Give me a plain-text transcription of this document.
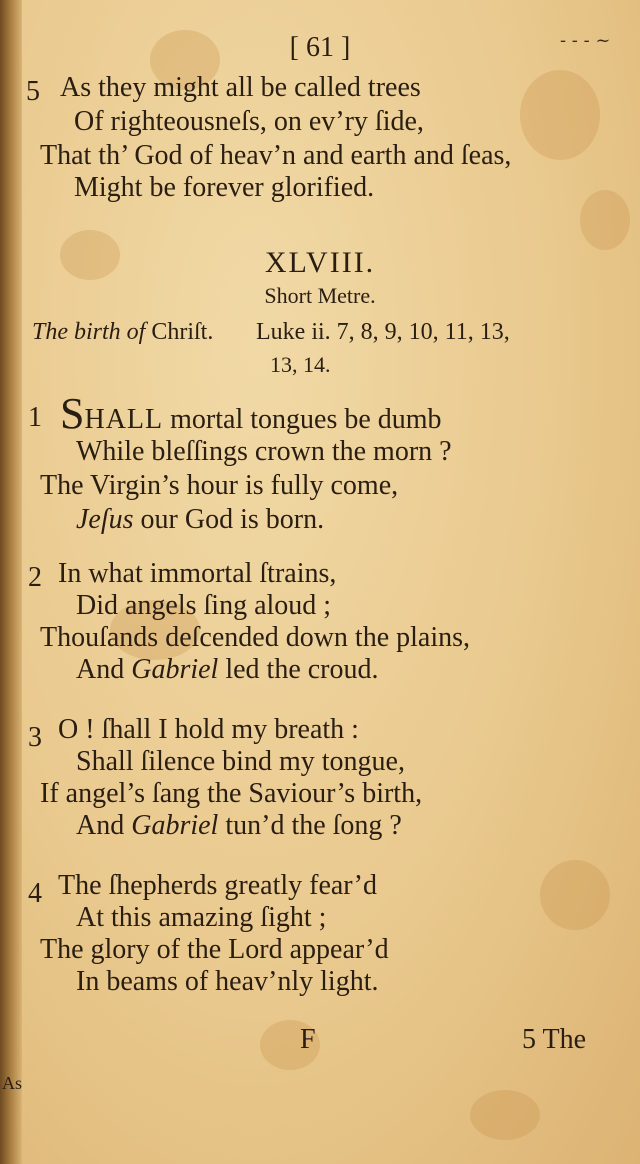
[ 61 ]	- - - ~
5 As they might all be called trees
Of righteousneſs, on ev’ry ſide,
That th’ God of heav’n and earth and ſeas,
Might be forever glorified.
XLVIII.
Short Metre.
The birth of Chriſt. Luke ii. 7, 8, 9, 10, 11, 13,
13, 14.
1 SHALL mortal tongues be dumb
While bleſſings crown the morn ?
The Virgin’s hour is fully come,
Jeſus our God is born.
2 In what immortal ſtrains,
Did angels ſing aloud ;
Thouſands deſcended down the plains,
And Gabriel led the croud.
3 O ! ſhall I hold my breath :
Shall ſilence bind my tongue,
If angel’s ſang the Saviour’s birth,
And Gabriel tun’d the ſong ?
4 The ſhepherds greatly fear’d
At this amazing ſight ;
The glory of the Lord appear’d
In beams of heav’nly light.
F	5 The
As
